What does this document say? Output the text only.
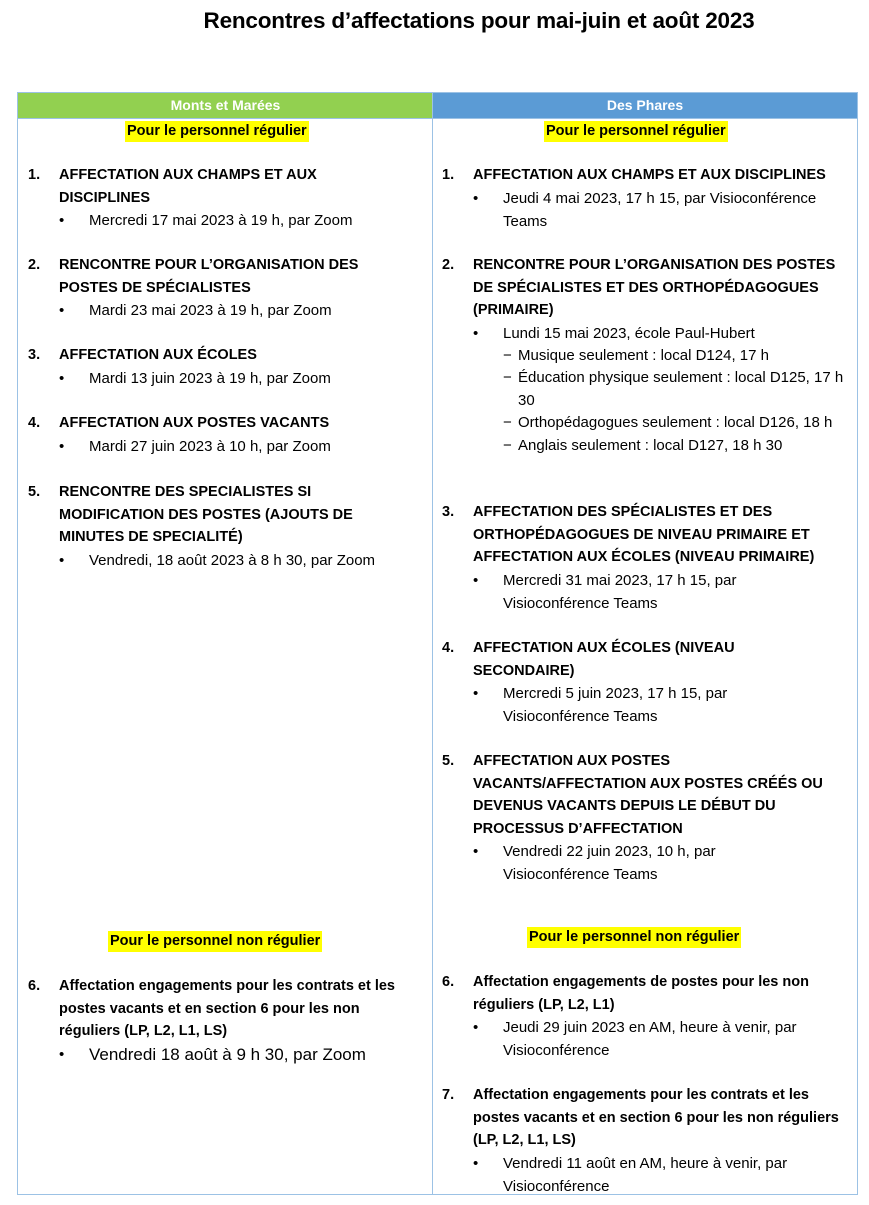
Rencontres d’affectations pour mai-juin et août 2023
Monts et Marées	Des Phares
Pour le personnel régulier
1. AFFECTATION AUX CHAMPS ET AUX DISCIPLINES
• Mercredi 17 mai 2023 à 19 h, par Zoom
2. RENCONTRE POUR L’ORGANISATION DES POSTES DE SPÉCIALISTES
• Mardi 23 mai 2023 à 19 h, par Zoom
3. AFFECTATION AUX ÉCOLES
• Mardi 13 juin 2023 à 19 h, par Zoom
4. AFFECTATION AUX POSTES VACANTS
• Mardi 27 juin 2023 à 10 h, par Zoom
5. RENCONTRE DES SPECIALISTES SI MODIFICATION DES POSTES (AJOUTS DE MINUTES DE SPECIALITÉ)
• Vendredi, 18 août 2023 à 8 h 30, par Zoom
Pour le personnel non régulier
6. Affectation engagements pour les contrats et les postes vacants et en section 6 pour les non réguliers (LP, L2, L1, LS)
• Vendredi 18 août à 9 h 30, par Zoom
Pour le personnel régulier
1. AFFECTATION AUX CHAMPS ET AUX DISCIPLINES
• Jeudi 4 mai 2023, 17 h 15, par Visioconférence Teams
2. RENCONTRE POUR L’ORGANISATION DES POSTES DE SPÉCIALISTES ET DES ORTHOPÉDAGOGUES (PRIMAIRE)
• Lundi 15 mai 2023, école Paul-Hubert
− Musique seulement : local D124, 17 h
− Éducation physique seulement : local D125, 17 h 30
− Orthopédagogues seulement : local D126, 18 h
− Anglais seulement : local D127, 18 h 30
3. AFFECTATION DES SPÉCIALISTES ET DES ORTHOPÉDAGOGUES DE NIVEAU PRIMAIRE ET AFFECTATION AUX ÉCOLES (NIVEAU PRIMAIRE)
• Mercredi 31 mai 2023, 17 h 15, par Visioconférence Teams
4. AFFECTATION AUX ÉCOLES (NIVEAU SECONDAIRE)
• Mercredi 5 juin 2023, 17 h 15, par Visioconférence Teams
5. AFFECTATION AUX POSTES VACANTS/AFFECTATION AUX POSTES CRÉÉS OU DEVENUS VACANTS DEPUIS LE DÉBUT DU PROCESSUS D’AFFECTATION
• Vendredi 22 juin 2023, 10 h, par Visioconférence Teams
Pour le personnel non régulier
6. Affectation engagements de postes pour les non réguliers (LP, L2, L1)
• Jeudi 29 juin 2023 en AM, heure à venir, par Visioconférence
7. Affectation engagements pour les contrats et les postes vacants et en section 6 pour les non réguliers (LP, L2, L1, LS)
• Vendredi 11 août en AM, heure à venir, par Visioconférence
